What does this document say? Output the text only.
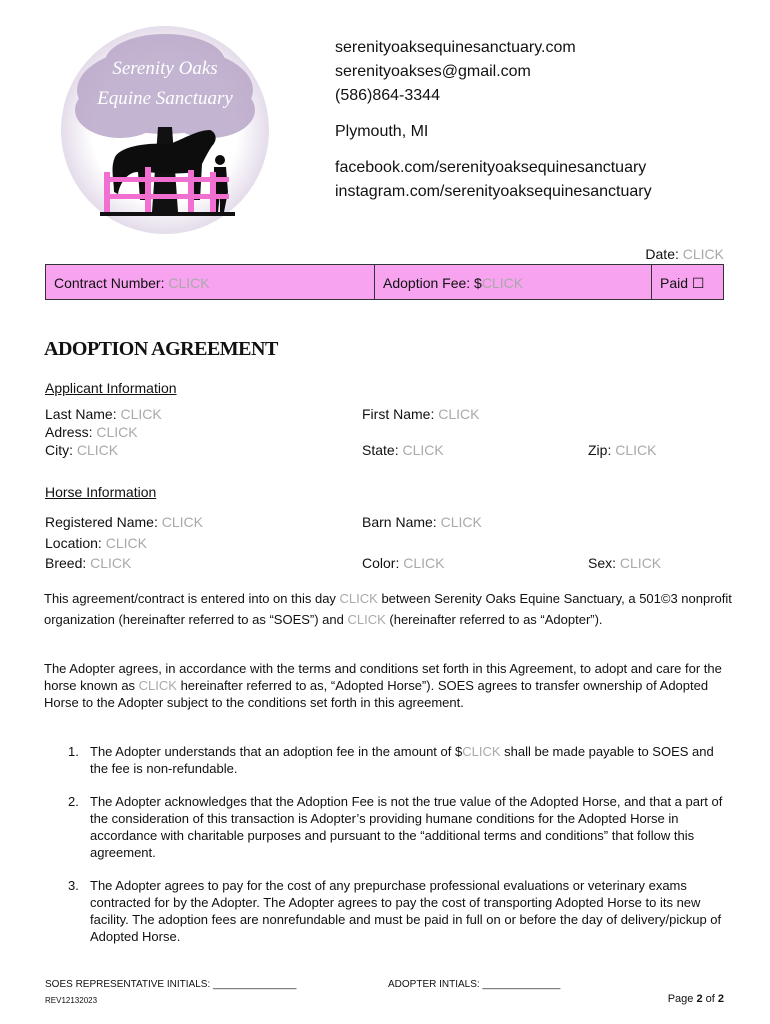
Serenity Oaks
Equine Sanctuary
serenityoaksequinesanctuary.com
serenityoakses@gmail.com
(586)864-3344
Plymouth, MI
facebook.com/serenityoaksequinesanctuary
instagram.com/serenityoaksequinesanctuary
Date: CLICK
Contract Number: CLICK	Adoption Fee: $CLICK	Paid ☐
ADOPTION AGREEMENT
Applicant Information
Last Name: CLICK	First Name: CLICK
Adress: CLICK
City: CLICK	State: CLICK	Zip: CLICK
Horse Information
Registered Name: CLICK	Barn Name: CLICK
Location: CLICK
Breed: CLICK	Color: CLICK	Sex: CLICK
This agreement/contract is entered into on this day CLICK between Serenity Oaks Equine Sanctuary, a 501©3 nonprofit organization (hereinafter referred to as “SOES”) and CLICK (hereinafter referred to as “Adopter”).
The Adopter agrees, in accordance with the terms and conditions set forth in this Agreement, to adopt and care for the horse known as CLICK hereinafter referred to as, “Adopted Horse”). SOES agrees to transfer ownership of Adopted Horse to the Adopter subject to the conditions set forth in this agreement.
1. The Adopter understands that an adoption fee in the amount of $CLICK shall be made payable to SOES and the fee is non-refundable.
2. The Adopter acknowledges that the Adoption Fee is not the true value of the Adopted Horse, and that a part of the consideration of this transaction is Adopter’s providing humane conditions for the Adopted Horse in accordance with charitable purposes and pursuant to the “additional terms and conditions” that follow this agreement.
3. The Adopter agrees to pay for the cost of any prepurchase professional evaluations or veterinary exams contracted for by the Adopter. The Adopter agrees to pay the cost of transporting Adopted Horse to its new facility. The adoption fees are nonrefundable and must be paid in full on or before the day of delivery/pickup of Adopted Horse.
SOES REPRESENTATIVE INITIALS: _______________	ADOPTER INTIALS: ______________
REV12132023	Page 2 of 2
